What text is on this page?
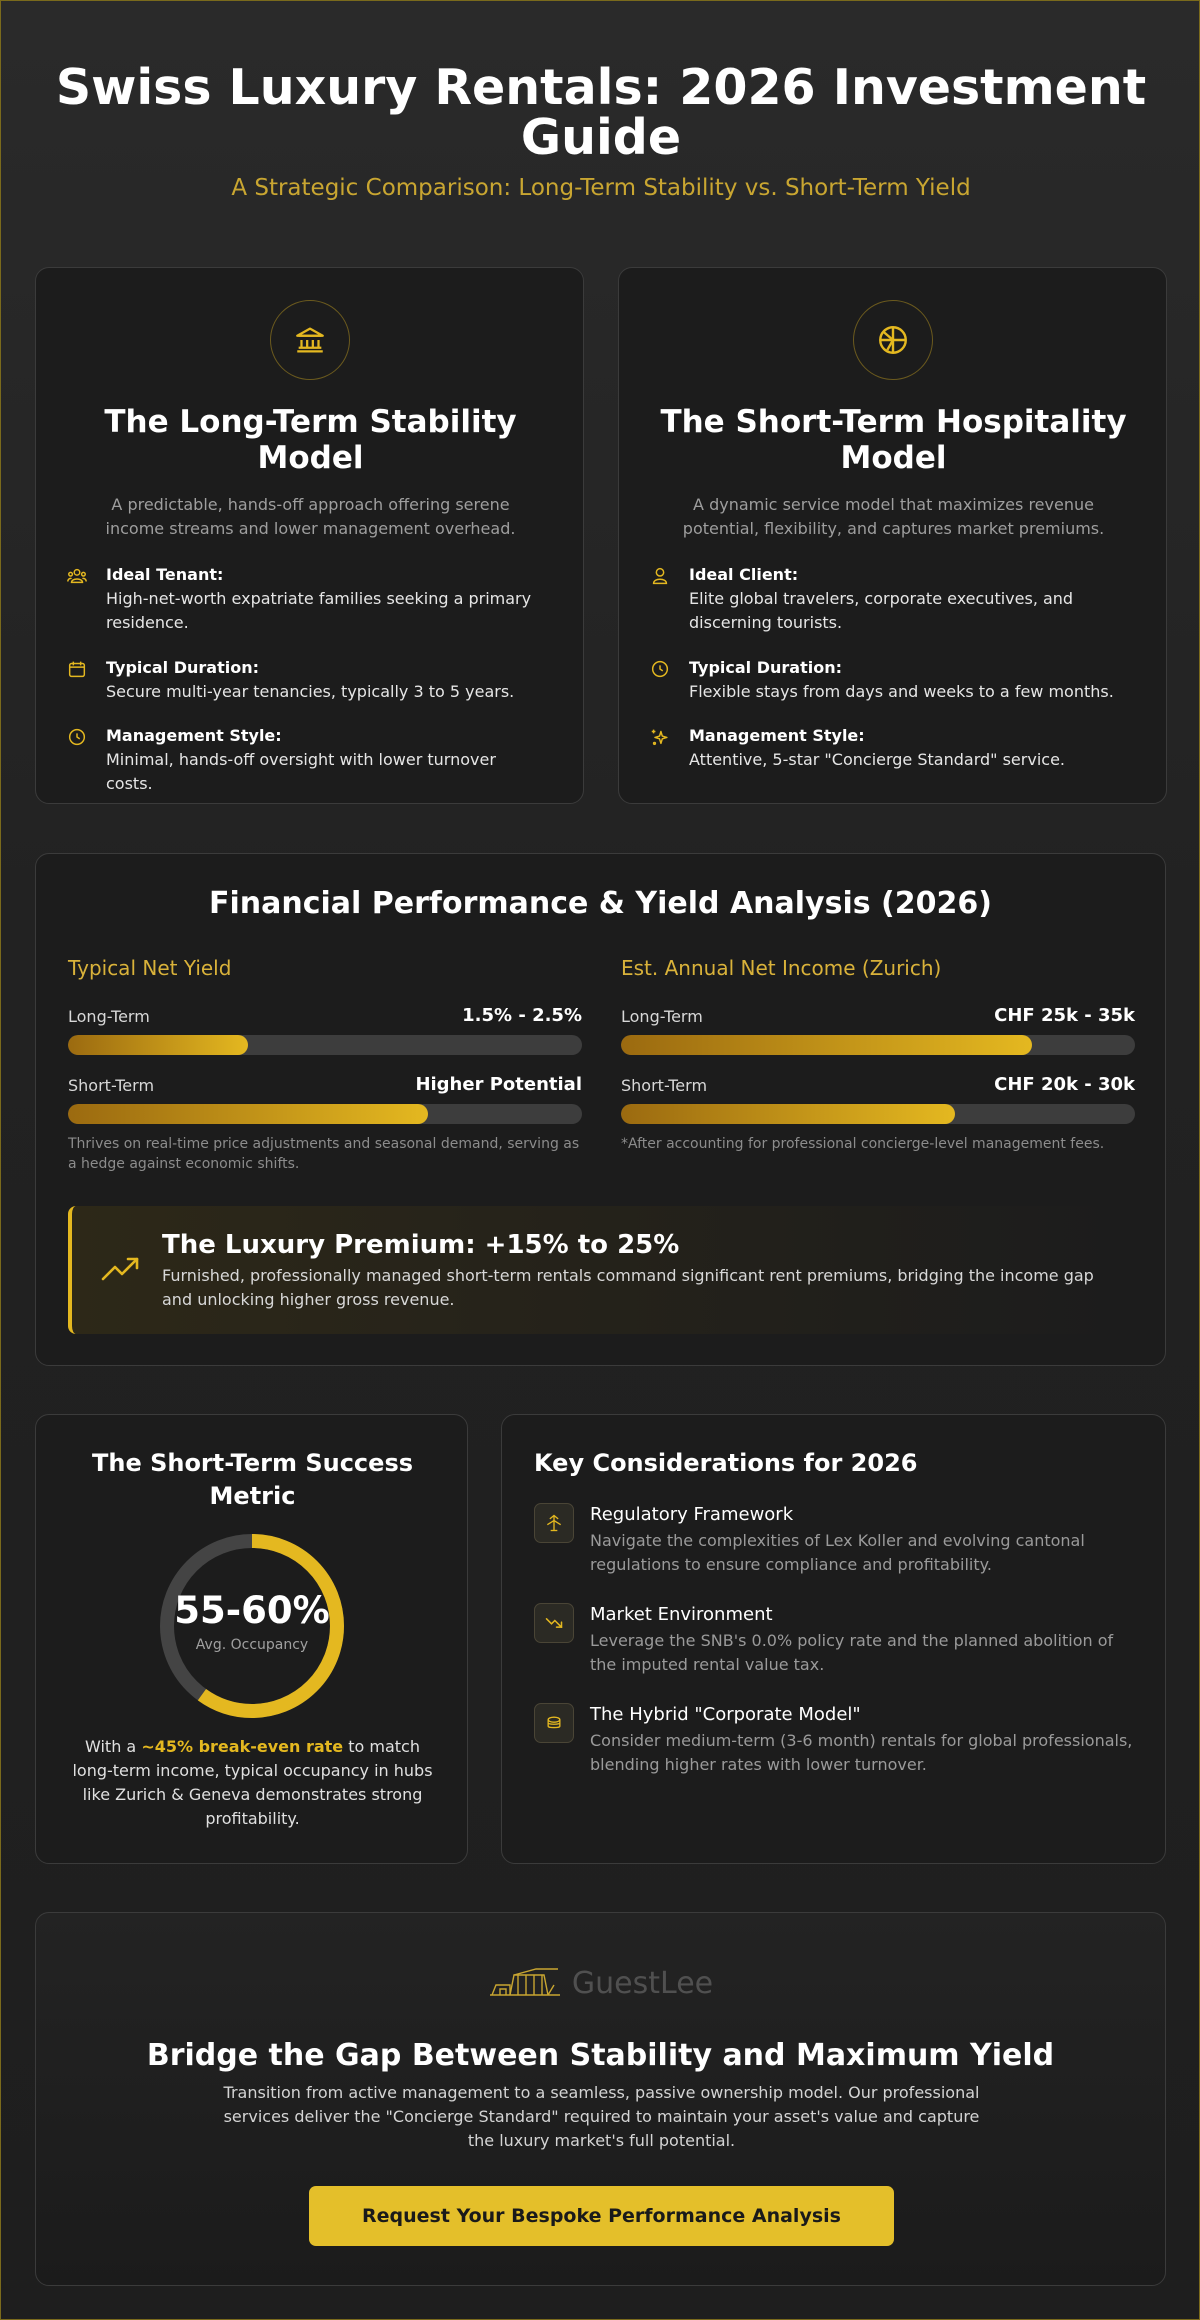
Swiss Luxury Rentals: 2026 Investment Guide
A Strategic Comparison: Long-Term Stability vs. Short-Term Yield
The Long-Term Stability Model
A predictable, hands-off approach offering serene income streams and lower management overhead.
Ideal Tenant:
High-net-worth expatriate families seeking a primary residence.
Typical Duration:
Secure multi-year tenancies, typically 3 to 5 years.
Management Style:
Minimal, hands-off oversight with lower turnover costs.
The Short-Term Hospitality Model
A dynamic service model that maximizes revenue potential, flexibility, and captures market premiums.
Ideal Client:
Elite global travelers, corporate executives, and discerning tourists.
Typical Duration:
Flexible stays from days and weeks to a few months.
Management Style:
Attentive, 5-star "Concierge Standard" service.
Financial Performance & Yield Analysis (2026)
Typical Net Yield
Long-Term	1.5% - 2.5%
Short-Term	Higher Potential
Thrives on real-time price adjustments and seasonal demand, serving as a hedge against economic shifts.
Est. Annual Net Income (Zurich)
Long-Term	CHF 25k - 35k
Short-Term	CHF 20k - 30k
*After accounting for professional concierge-level management fees.
The Luxury Premium: +15% to 25%
Furnished, professionally managed short-term rentals command significant rent premiums, bridging the income gap and unlocking higher gross revenue.
The Short-Term Success Metric
55-60%
Avg. Occupancy
With a ~45% break-even rate to match long-term income, typical occupancy in hubs like Zurich & Geneva demonstrates strong profitability.
Key Considerations for 2026
Regulatory Framework
Navigate the complexities of Lex Koller and evolving cantonal regulations to ensure compliance and profitability.
Market Environment
Leverage the SNB's 0.0% policy rate and the planned abolition of the imputed rental value tax.
The Hybrid "Corporate Model"
Consider medium-term (3-6 month) rentals for global professionals, blending higher rates with lower turnover.
GuestLee
Bridge the Gap Between Stability and Maximum Yield
Transition from active management to a seamless, passive ownership model. Our professional services deliver the "Concierge Standard" required to maintain your asset's value and capture the luxury market's full potential.
Request Your Bespoke Performance Analysis
